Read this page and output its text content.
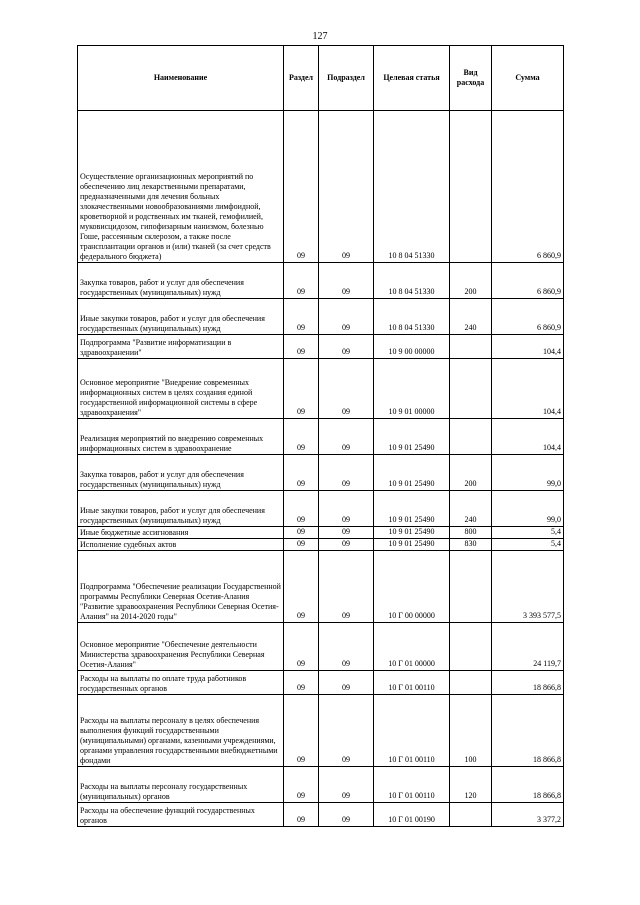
127
Наименование	Раздел	Подраздел	Целевая статья	Вид расхода	Сумма
Осуществление организационных мероприятий по обеспечению лиц лекарственными препаратами, предназначенными для лечения больных злокачественными новообразованиями лимфоидной, кроветворной и родственных им тканей, гемофилией, муковисцидозом, гипофизарным нанизмом, болезнью Гоше, рассеянным склерозом, а также после трансплантации органов и (или) тканей (за счет средств федерального бюджета)	09	09	10 8 04 51330		6 860,9
Закупка товаров, работ и услуг для обеспечения государственных (муниципальных) нужд	09	09	10 8 04 51330	200	6 860,9
Иные закупки товаров, работ и услуг для обеспечения государственных (муниципальных) нужд	09	09	10 8 04 51330	240	6 860,9
Подпрограмма "Развитие информатизации в здравоохранении"	09	09	10 9 00 00000		104,4
Основное мероприятие "Внедрение современных информационных систем в целях создания единой государственной информационной системы в сфере здравоохранения"	09	09	10 9 01 00000		104,4
Реализация мероприятий по внедрению современных информационных систем в здравоохранение	09	09	10 9 01 25490		104,4
Закупка товаров, работ и услуг для обеспечения государственных (муниципальных) нужд	09	09	10 9 01 25490	200	99,0
Иные закупки товаров, работ и услуг для обеспечения государственных (муниципальных) нужд	09	09	10 9 01 25490	240	99,0
Иные бюджетные ассигнования	09	09	10 9 01 25490	800	5,4
Исполнение судебных актов	09	09	10 9 01 25490	830	5,4
Подпрограмма "Обеспечение реализации Государственной программы Республики Северная Осетия-Алания "Развитие здравоохранения Республики Северная Осетия-Алания" на 2014-2020 годы"	09	09	10 Г 00 00000		3 393 577,5
Основное мероприятие "Обеспечение деятельности Министерства здравоохранения Республики Северная Осетия-Алания"	09	09	10 Г 01 00000		24 119,7
Расходы на выплаты по оплате труда работников государственных органов	09	09	10 Г 01 00110		18 866,8
Расходы на выплаты персоналу в целях обеспечения выполнения функций государственными (муниципальными) органами, казенными учреждениями, органами управления государственными внебюджетными фондами	09	09	10 Г 01 00110	100	18 866,8
Расходы на выплаты персоналу государственных (муниципальных) органов	09	09	10 Г 01 00110	120	18 866,8
Расходы на обеспечение функций государственных органов	09	09	10 Г 01 00190		3 377,2
